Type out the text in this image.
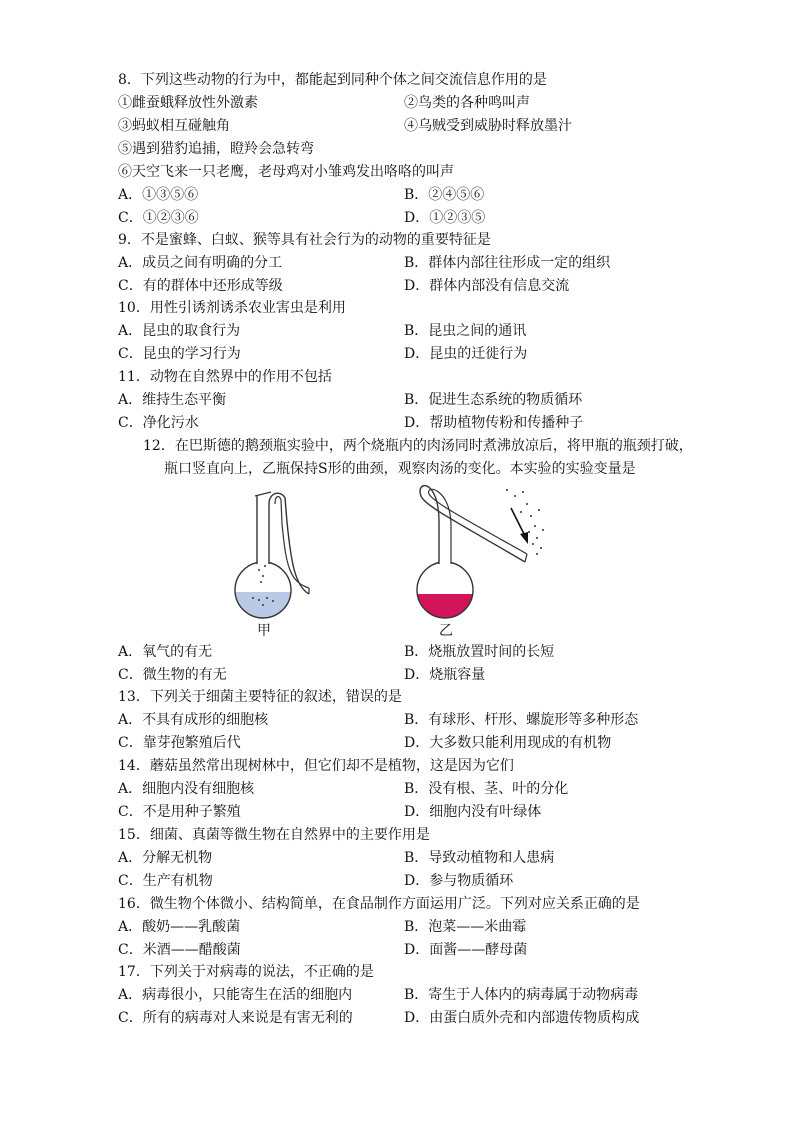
8．下列这些动物的行为中，都能起到同种个体之间交流信息作用的是
①雌蚕蛾释放性外激素	②鸟类的各种鸣叫声
③蚂蚁相互碰触角	④乌贼受到威胁时释放墨汁
⑤遇到猎豹追捕，瞪羚会急转弯
⑥天空飞来一只老鹰，老母鸡对小雏鸡发出咯咯的叫声
A．①③⑤⑥	B．②④⑤⑥
C．①②③⑥	D．①②③⑤
9．不是蜜蜂、白蚁、猴等具有社会行为的动物的重要特征是
A．成员之间有明确的分工	B．群体内部往往形成一定的组织
C．有的群体中还形成等级	D．群体内部没有信息交流
10．用性引诱剂诱杀农业害虫是利用
A．昆虫的取食行为	B．昆虫之间的通讯
C．昆虫的学习行为	D．昆虫的迁徙行为
11．动物在自然界中的作用不包括
A．维持生态平衡	B．促进生态系统的物质循环
C．净化污水	D．帮助植物传粉和传播种子
12．在巴斯德的鹅颈瓶实验中，两个烧瓶内的肉汤同时煮沸放凉后，将甲瓶的瓶颈打破，
瓶口竖直向上，乙瓶保持S形的曲颈，观察肉汤的变化。本实验的实验变量是
甲	乙
A．氧气的有无	B．烧瓶放置时间的长短
C．微生物的有无	D．烧瓶容量
13．下列关于细菌主要特征的叙述，错误的是
A．不具有成形的细胞核	B．有球形、杆形、螺旋形等多种形态
C．靠芽孢繁殖后代	D．大多数只能利用现成的有机物
14．蘑菇虽然常出现树林中，但它们却不是植物，这是因为它们
A．细胞内没有细胞核	B．没有根、茎、叶的分化
C．不是用种子繁殖	D．细胞内没有叶绿体
15．细菌、真菌等微生物在自然界中的主要作用是
A．分解无机物	B．导致动植物和人患病
C．生产有机物	D．参与物质循环
16．微生物个体微小、结构简单，在食品制作方面运用广泛。下列对应关系正确的是
A．酸奶——乳酸菌	B．泡菜——米曲霉
C．米酒——醋酸菌	D．面酱——酵母菌
17．下列关于对病毒的说法，不正确的是
A．病毒很小，只能寄生在活的细胞内	B．寄生于人体内的病毒属于动物病毒
C．所有的病毒对人来说是有害无利的	D．由蛋白质外壳和内部遗传物质构成
